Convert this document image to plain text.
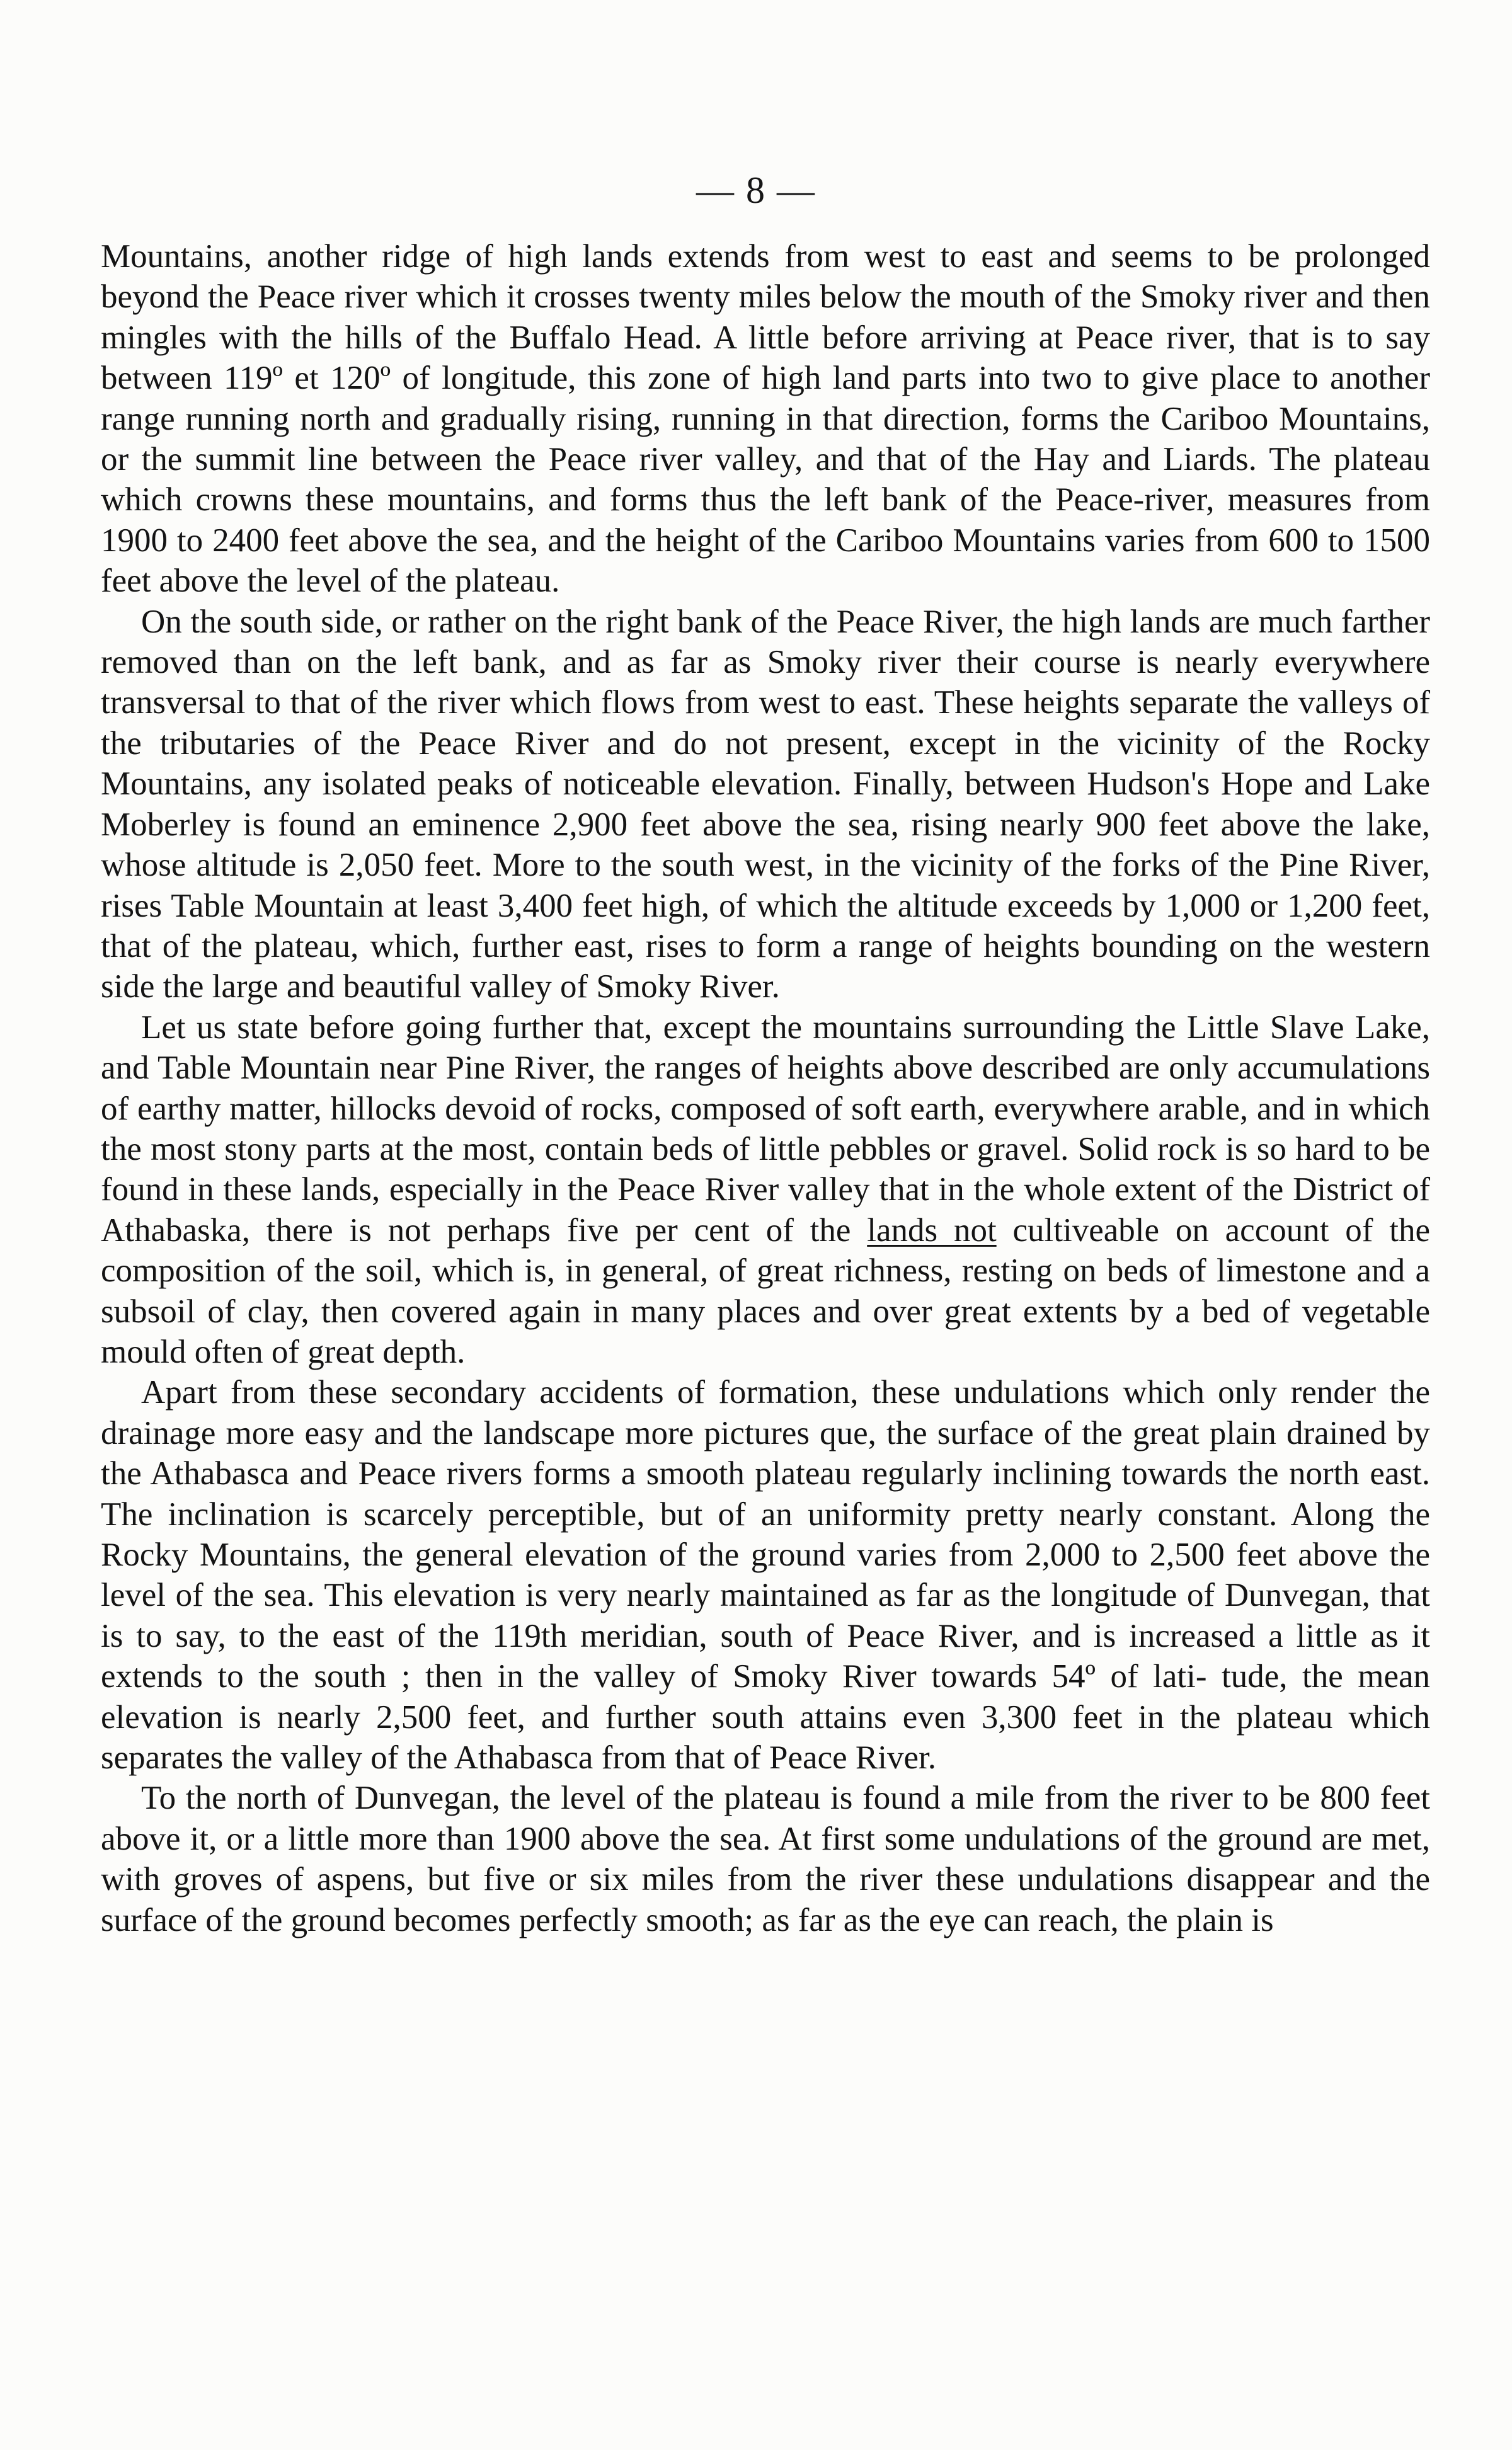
— 8 —

Mountains, another ridge of high lands extends from west to east and seems to be prolonged beyond the Peace river which it crosses twenty miles below the mouth of the Smoky river and then mingles with the hills of the Buffalo Head. A little before arriving at Peace river, that is to say between 119º et 120º of longitude, this zone of high land parts into two to give place to another range running north and gradually rising, running in that direction, forms the Cariboo Mountains, or the summit line between the Peace river valley, and that of the Hay and Liards. The plateau which crowns these mountains, and forms thus the left bank of the Peace-river, measures from 1900 to 2400 feet above the sea, and the height of the Cariboo Mountains varies from 600 to 1500 feet above the level of the plateau.

On the south side, or rather on the right bank of the Peace River, the high lands are much farther removed than on the left bank, and as far as Smoky river their course is nearly everywhere transversal to that of the river which flows from west to east. These heights separate the valleys of the tributaries of the Peace River and do not present, except in the vicinity of the Rocky Mountains, any isolated peaks of noticeable elevation. Finally, between Hudson's Hope and Lake Moberley is found an eminence 2,900 feet above the sea, rising nearly 900 feet above the lake, whose altitude is 2,050 feet. More to the south west, in the vicinity of the forks of the Pine River, rises Table Mountain at least 3,400 feet high, of which the altitude exceeds by 1,000 or 1,200 feet, that of the plateau, which, further east, rises to form a range of heights bounding on the western side the large and beautiful valley of Smoky River.

Let us state before going further that, except the mountains surrounding the Little Slave Lake, and Table Mountain near Pine River, the ranges of heights above described are only accumulations of earthy matter, hillocks devoid of rocks, composed of soft earth, everywhere arable, and in which the most stony parts at the most, contain beds of little pebbles or gravel. Solid rock is so hard to be found in these lands, especially in the Peace River valley that in the whole extent of the District of Athabaska, there is not perhaps five per cent of the lands not cultiveable on account of the composition of the soil, which is, in general, of great richness, resting on beds of limestone and a subsoil of clay, then covered again in many places and over great extents by a bed of vegetable mould often of great depth.

Apart from these secondary accidents of formation, these undulations which only render the drainage more easy and the landscape more pictures que, the surface of the great plain drained by the Athabasca and Peace rivers forms a smooth plateau regularly inclining towards the north east. The inclination is scarcely perceptible, but of an uniformity pretty nearly constant. Along the Rocky Mountains, the general elevation of the ground varies from 2,000 to 2,500 feet above the level of the sea. This elevation is very nearly maintained as far as the longitude of Dunvegan, that is to say, to the east of the 119th meridian, south of Peace River, and is increased a little as it extends to the south ; then in the valley of Smoky River towards 54º of lati- tude, the mean elevation is nearly 2,500 feet, and further south attains even 3,300 feet in the plateau which separates the valley of the Athabasca from that of Peace River.

To the north of Dunvegan, the level of the plateau is found a mile from the river to be 800 feet above it, or a little more than 1900 above the sea. At first some undulations of the ground are met, with groves of aspens, but five or six miles from the river these undulations disappear and the surface of the ground becomes perfectly smooth; as far as the eye can reach, the plain is
